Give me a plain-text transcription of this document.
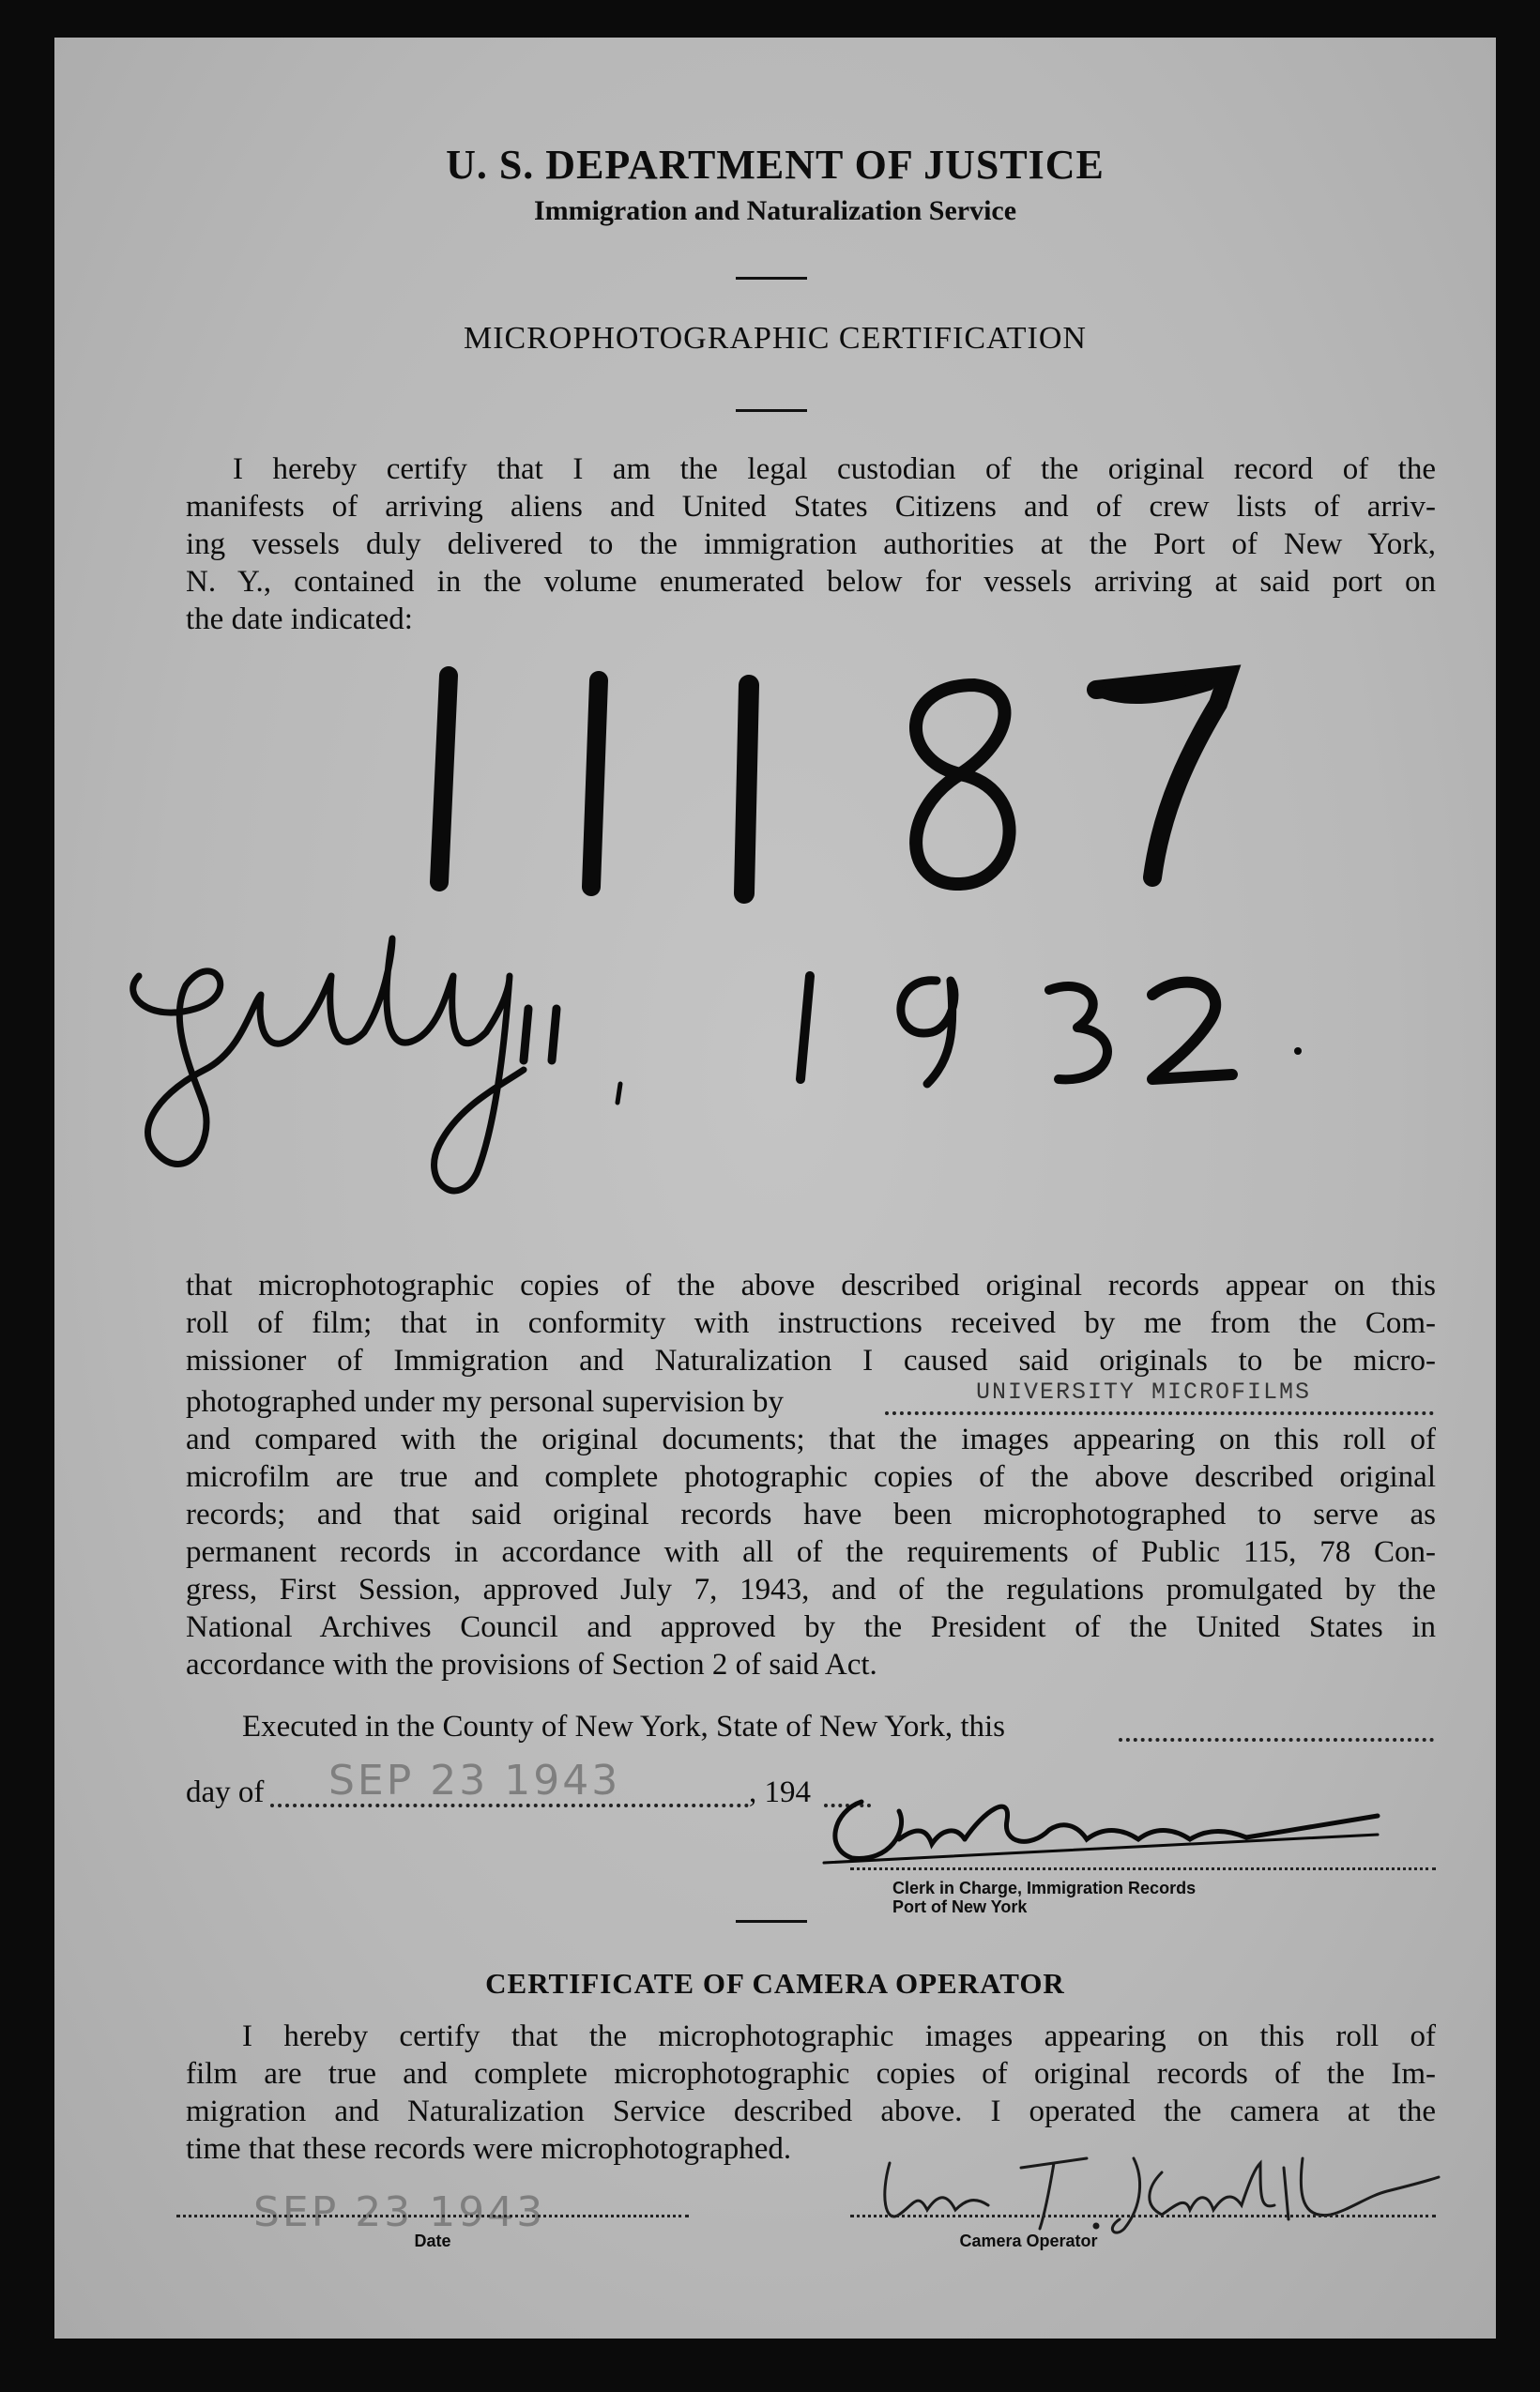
U. S. DEPARTMENT OF JUSTICE
Immigration and Naturalization Service
MICROPHOTOGRAPHIC CERTIFICATION
I hereby certify that I am the legal custodian of the original record of the
manifests of arriving aliens and United States Citizens and of crew lists of arriv-
ing vessels duly delivered to the immigration authorities at the Port of New York,
N. Y., contained in the volume enumerated below for vessels arriving at said port on
the date indicated:
that microphotographic copies of the above described original records appear on this
roll of film; that in conformity with instructions received by me from the Com-
missioner of Immigration and Naturalization I caused said originals to be micro-
photographed under my personal supervision by	UNIVERSITY MICROFILMS
and compared with the original documents; that the images appearing on this roll of
microfilm are true and complete photographic copies of the above described original
records; and that said original records have been microphotographed to serve as
permanent records in accordance with all of the requirements of Public 115, 78 Con-
gress, First Session, approved July 7, 1943, and of the regulations promulgated by the
National Archives Council and approved by the President of the United States in
accordance with the provisions of Section 2 of said Act.
Executed in the County of New York, State of New York, this
day of SEP 23 1943	, 194
Clerk in Charge, Immigration Records
Port of New York
CERTIFICATE OF CAMERA OPERATOR
I hereby certify that the microphotographic images appearing on this roll of
film are true and complete microphotographic copies of original records of the Im-
migration and Naturalization Service described above. I operated the camera at the
time that these records were microphotographed.
SEP 23 1943
Date	Camera Operator
